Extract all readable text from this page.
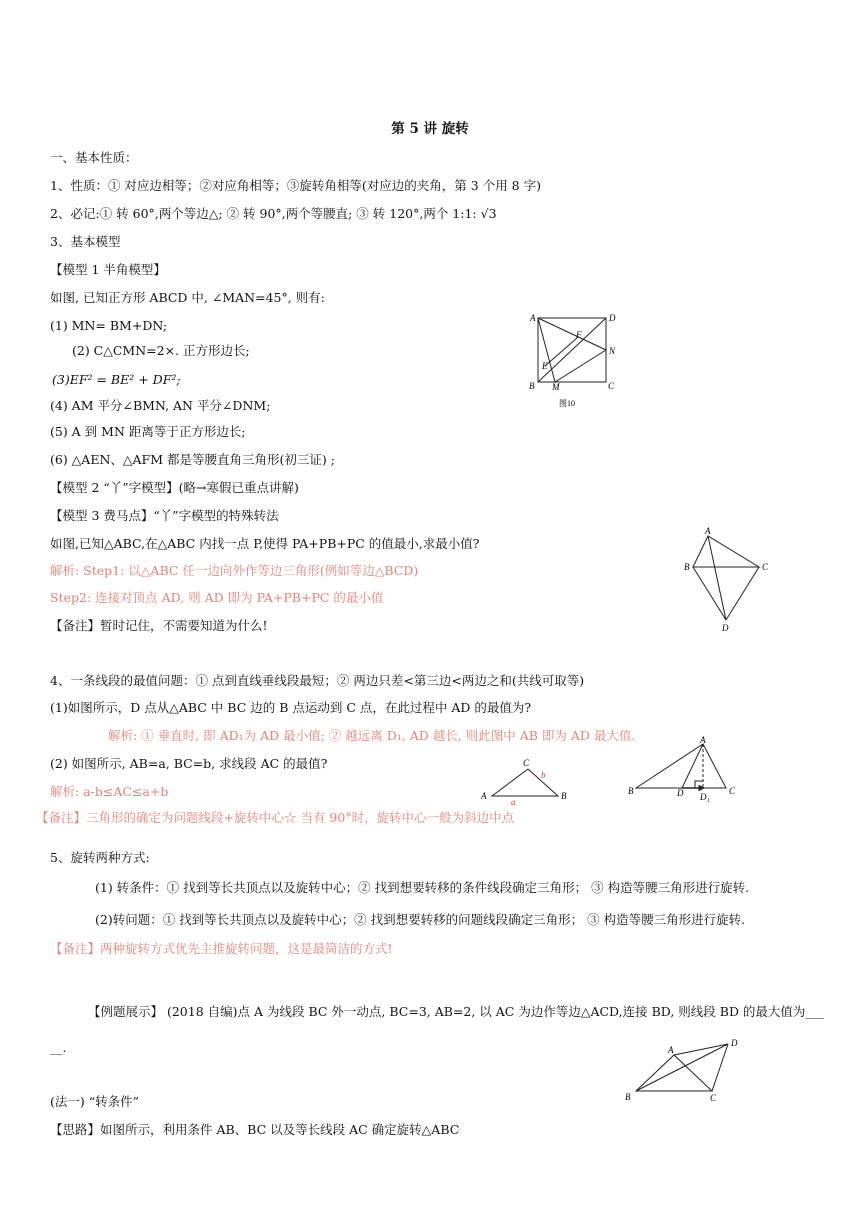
第 5 讲 旋转
一、基本性质：
1、性质：① 对应边相等；②对应角相等；③旋转角相等(对应边的夹角，第 3 个用 8 字)
2、必记:① 转 60°,两个等边△; ② 转 90°,两个等腰直; ③ 转 120°,两个 1:1: √3
3、基本模型
【模型 1 半角模型】
如图, 已知正方形 ABCD 中, ∠MAN=45°, 则有:
(1) MN= BM+DN;
(2) C△CMN=2×. 正方形边长;
(3)EF² = BE² + DF²;
(4) AM 平分∠BMN, AN 平分∠DNM;
(5) A 到 MN 距离等于正方形边长;
(6) △AEN、△AFM 都是等腰直角三角形(初三证) ;
【模型 2 “丫”字模型】(略→寒假已重点讲解)
【模型 3 费马点】“丫”字模型的特殊转法
如图,已知△ABC,在△ABC 内找一点 P,使得 PA+PB+PC 的值最小,求最小值?
解析: Step1: 以△ABC 任一边向外作等边三角形(例如等边△BCD)
Step2: 连接对顶点 AD, 则 AD 即为 PA+PB+PC 的最小值
【备注】暂时记住，不需要知道为什么!
4、一条线段的最值问题：① 点到直线垂线段最短；② 两边只差<第三边<两边之和(共线可取等)
(1)如图所示，D 点从△ABC 中 BC 边的 B 点运动到 C 点，在此过程中 AD 的最值为?
解析: ① 垂直时, 即 AD₁为 AD 最小值; ② 越远离 D₁, AD 越长, 则此图中 AB 即为 AD 最大值.
(2) 如图所示, AB=a, BC=b, 求线段 AC 的最值?
解析: a-b≤AC≤a+b
【备注】三角形的确定为问题线段+旋转中心☆ 当有 90°时，旋转中心一般为斜边中点
5、旋转两种方式:
(1) 转条件：① 找到等长共顶点以及旋转中心；② 找到想要转移的条件线段确定三角形； ③ 构造等腰三角形进行旋转.
(2)转问题：① 找到等长共顶点以及旋转中心；② 找到想要转移的问题线段确定三角形； ③ 构造等腰三角形进行旋转.
【备注】两种旋转方式优先主推旋转问题，这是最简洁的方式!
【例题展示】 (2018 自编)点 A 为线段 BC 外一动点, BC=3, AB=2, 以 AC 为边作等边△ACD,连接 BD, 则线段 BD 的最大值为___
__.
(法一) “转条件”
【思路】如图所示，利用条件 AB、BC 以及等长线段 AC 确定旋转△ABC
A	D
F
N
E
B M	C
图10
A
B	C
D
C
A	B
a
b
A
B	D D₁
C
A
D
B	C
